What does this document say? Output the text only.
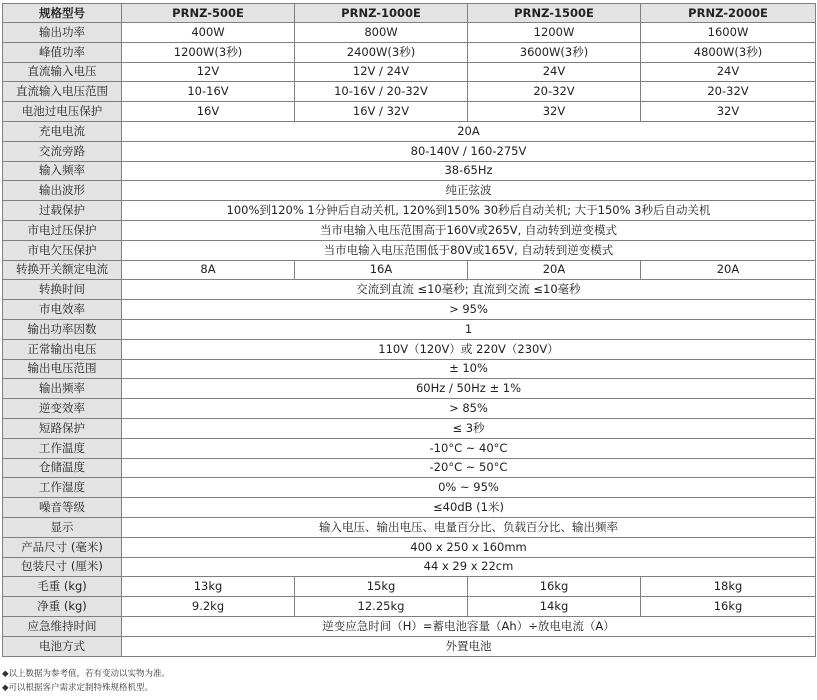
规格型号	PRNZ-500E	PRNZ-1000E	PRNZ-1500E	PRNZ-2000E
输出功率	400W	800W	1200W	1600W
峰值功率	1200W(3秒)	2400W(3秒)	3600W(3秒)	4800W(3秒)
直流输入电压	12V	12V / 24V	24V	24V
直流输入电压范围	10-16V	10-16V / 20-32V	20-32V	20-32V
电池过电压保护	16V	16V / 32V	32V	32V
充电电流	20A			
交流旁路	80-140V / 160-275V			
输入频率	38-65Hz			
输出波形	纯正弦波			
过载保护	100%到120% 1分钟后自动关机, 120%到150% 30秒后自动关机; 大于150% 3秒后自动关机			
市电过压保护	当市电输入电压范围高于160V或265V, 自动转到逆变模式			
市电欠压保护	当市电输入电压范围低于80V或165V, 自动转到逆变模式			
转换开关额定电流	8A	16A	20A	20A
转换时间	交流到直流 ≤10毫秒; 直流到交流 ≤10毫秒			
市电效率	> 95%			
输出功率因数	1			
正常输出电压	110V（120V）或 220V（230V）			
输出电压范围	± 10%			
输出频率	60Hz / 50Hz ± 1%			
逆变效率	> 85%			
短路保护	≤ 3秒			
工作温度	-10°C ~ 40°C			
仓储温度	-20°C ~ 50°C			
工作湿度	0% ~ 95%			
噪音等级	≤40dB (1米)			
显示	输入电压、输出电压、电量百分比、负载百分比、输出频率			
产品尺寸 (毫米)	400 x 250 x 160mm			
包装尺寸 (厘米)	44 x 29 x 22cm			
毛重 (kg)	13kg	15kg	16kg	18kg
净重 (kg)	9.2kg	12.25kg	14kg	16kg
应急维持时间	逆变应急时间（H）=蓄电池容量（Ah）÷放电电流（A）			
电池方式	外置电池			
◆以上数据为参考值，若有变动以实物为准。
◆可以根据客户需求定制特殊规格机型。
